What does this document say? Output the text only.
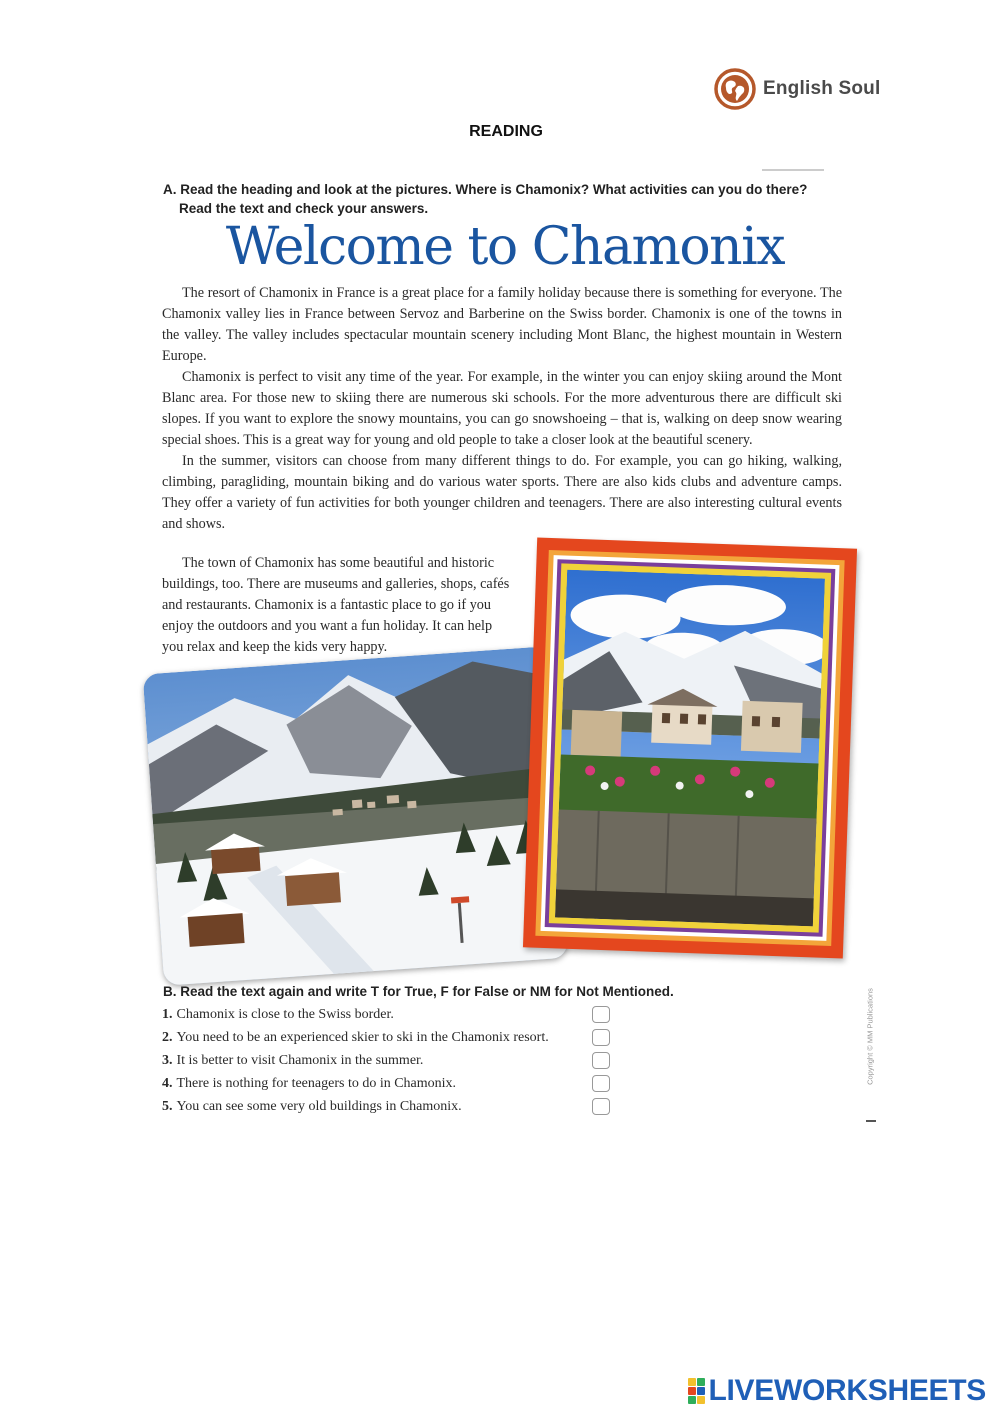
English Soul
READING
A. Read the heading and look at the pictures. Where is Chamonix? What activities can you do there?
Read the text and check your answers.
Welcome to Chamonix

The resort of Chamonix in France is a great place for a family holiday because there is something for everyone. The Chamonix valley lies in France between Servoz and Barberine on the Swiss border. Chamonix is one of the towns in the valley. The valley includes spectacular mountain scenery including Mont Blanc, the highest mountain in Western Europe.

Chamonix is perfect to visit any time of the year. For example, in the winter you can enjoy skiing around the Mont Blanc area. For those new to skiing there are numerous ski schools. For the more adventurous there are difficult ski slopes. If you want to explore the snowy mountains, you can go snowshoeing – that is, walking on deep snow wearing special shoes. This is a great way for young and old people to take a closer look at the beautiful scenery.

In the summer, visitors can choose from many different things to do. For example, you can go hiking, walking, climbing, paragliding, mountain biking and do various water sports. There are also kids clubs and adventure camps. They offer a variety of fun activities for both younger children and teenagers. There are also interesting cultural events and shows.

The town of Chamonix has some beautiful and historic buildings, too. There are museums and galleries, shops, cafés and restaurants. Chamonix is a fantastic place to go if you enjoy the outdoors and you want a fun holiday. It can help you relax and keep the kids very happy.

Copyright © MM Publications
B. Read the text again and write T for True, F for False or NM for Not Mentioned.
1. Chamonix is close to the Swiss border.
2. You need to be an experienced skier to ski in the Chamonix resort.
3. It is better to visit Chamonix in the summer.
4. There is nothing for teenagers to do in Chamonix.
5. You can see some very old buildings in Chamonix.
LIVEWORKSHEETS
